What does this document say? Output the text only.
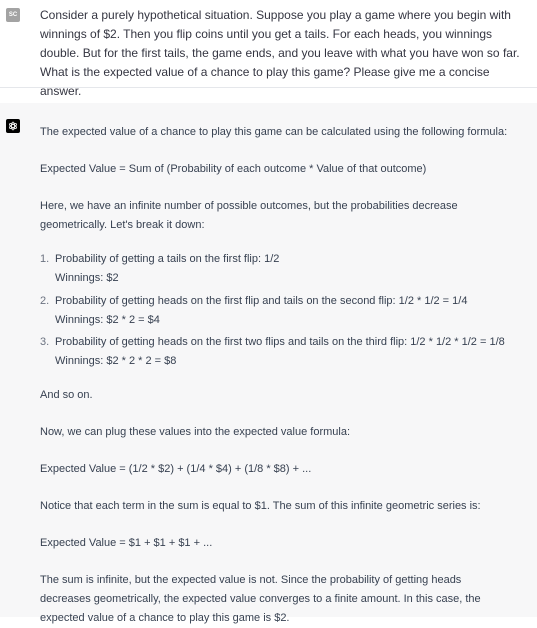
SC Consider a purely hypothetical situation. Suppose you play a game where you begin with winnings of $2. Then you flip coins until you get a tails. For each heads, you winnings double. But for the first tails, the game ends, and you leave with what you have won so far. What is the expected value of a chance to play this game? Please give me a concise answer.
The expected value of a chance to play this game can be calculated using the following formula:
Expected Value = Sum of (Probability of each outcome * Value of that outcome)
Here, we have an infinite number of possible outcomes, but the probabilities decrease
geometrically. Let's break it down:
1. Probability of getting a tails on the first flip: 1/2
Winnings: $2
2. Probability of getting heads on the first flip and tails on the second flip: 1/2 * 1/2 = 1/4
Winnings: $2 * 2 = $4
3. Probability of getting heads on the first two flips and tails on the third flip: 1/2 * 1/2 * 1/2 = 1/8
Winnings: $2 * 2 * 2 = $8
And so on.
Now, we can plug these values into the expected value formula:
Expected Value = (1/2 * $2) + (1/4 * $4) + (1/8 * $8) + ...
Notice that each term in the sum is equal to $1. The sum of this infinite geometric series is:
Expected Value = $1 + $1 + $1 + ...
The sum is infinite, but the expected value is not. Since the probability of getting heads
decreases geometrically, the expected value converges to a finite amount. In this case, the
expected value of a chance to play this game is $2.
